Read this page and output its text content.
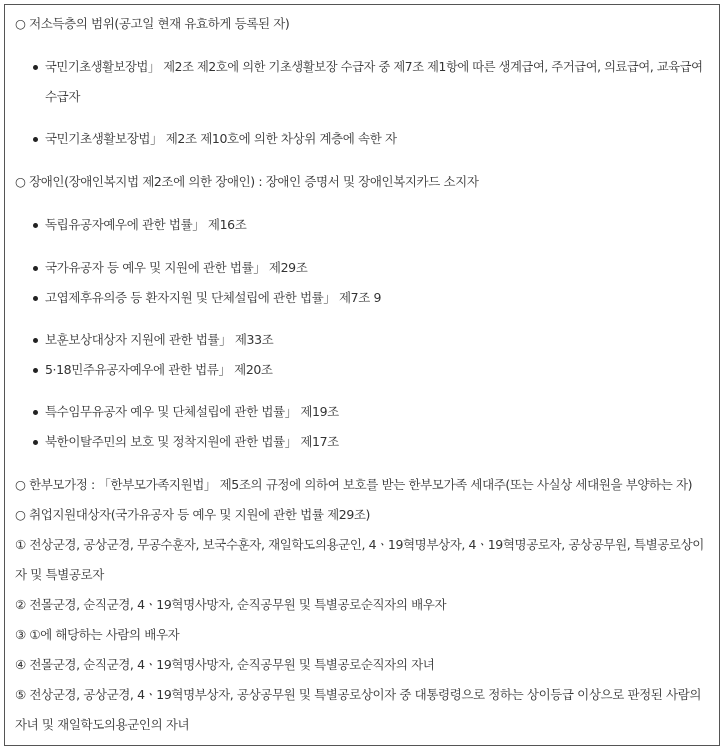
○ 저소득층의 범위(공고일 현재 유효하게 등록된 자)
국민기초생활보장법」 제2조 제2호에 의한 기초생활보장 수급자 중 제7조 제1항에 따른 생계급여, 주거급여, 의료급여, 교육급여
수급자
국민기초생활보장법」 제2조 제10호에 의한 차상위 계층에 속한 자
○ 장애인(장애인복지법 제2조에 의한 장애인) : 장애인 증명서 및 장애인복지카드 소지자
독립유공자예우에 관한 법률」 제16조
국가유공자 등 예우 및 지원에 관한 법률」 제29조
고엽제후유의증 등 환자지원 및 단체설립에 관한 법률」 제7조 9
보훈보상대상자 지원에 관한 법률」 제33조
5·18민주유공자예우에 관한 법류」 제20조
특수임무유공자 예우 및 단체설립에 관한 법률」 제19조
북한이탈주민의 보호 및 정착지원에 관한 법률」 제17조
○ 한부모가정 : 「한부모가족지원법」 제5조의 규정에 의하여 보호를 받는 한부모가족 세대주(또는 사실상 세대원을 부양하는 자)
○ 취업지원대상자(국가유공자 등 예우 및 지원에 관한 법률 제29조)
① 전상군경, 공상군경, 무공수훈자, 보국수훈자, 재일학도의용군인, 4ㆍ19혁명부상자, 4ㆍ19혁명공로자, 공상공무원, 특별공로상이
자 및 특별공로자
② 전몰군경, 순직군경, 4ㆍ19혁명사망자, 순직공무원 및 특별공로순직자의 배우자
③ ①에 해당하는 사람의 배우자
④ 전몰군경, 순직군경, 4ㆍ19혁명사망자, 순직공무원 및 특별공로순직자의 자녀
⑤ 전상군경, 공상군경, 4ㆍ19혁명부상자, 공상공무원 및 특별공로상이자 중 대통령령으로 정하는 상이등급 이상으로 판정된 사람의
자녀 및 재일학도의용군인의 자녀
